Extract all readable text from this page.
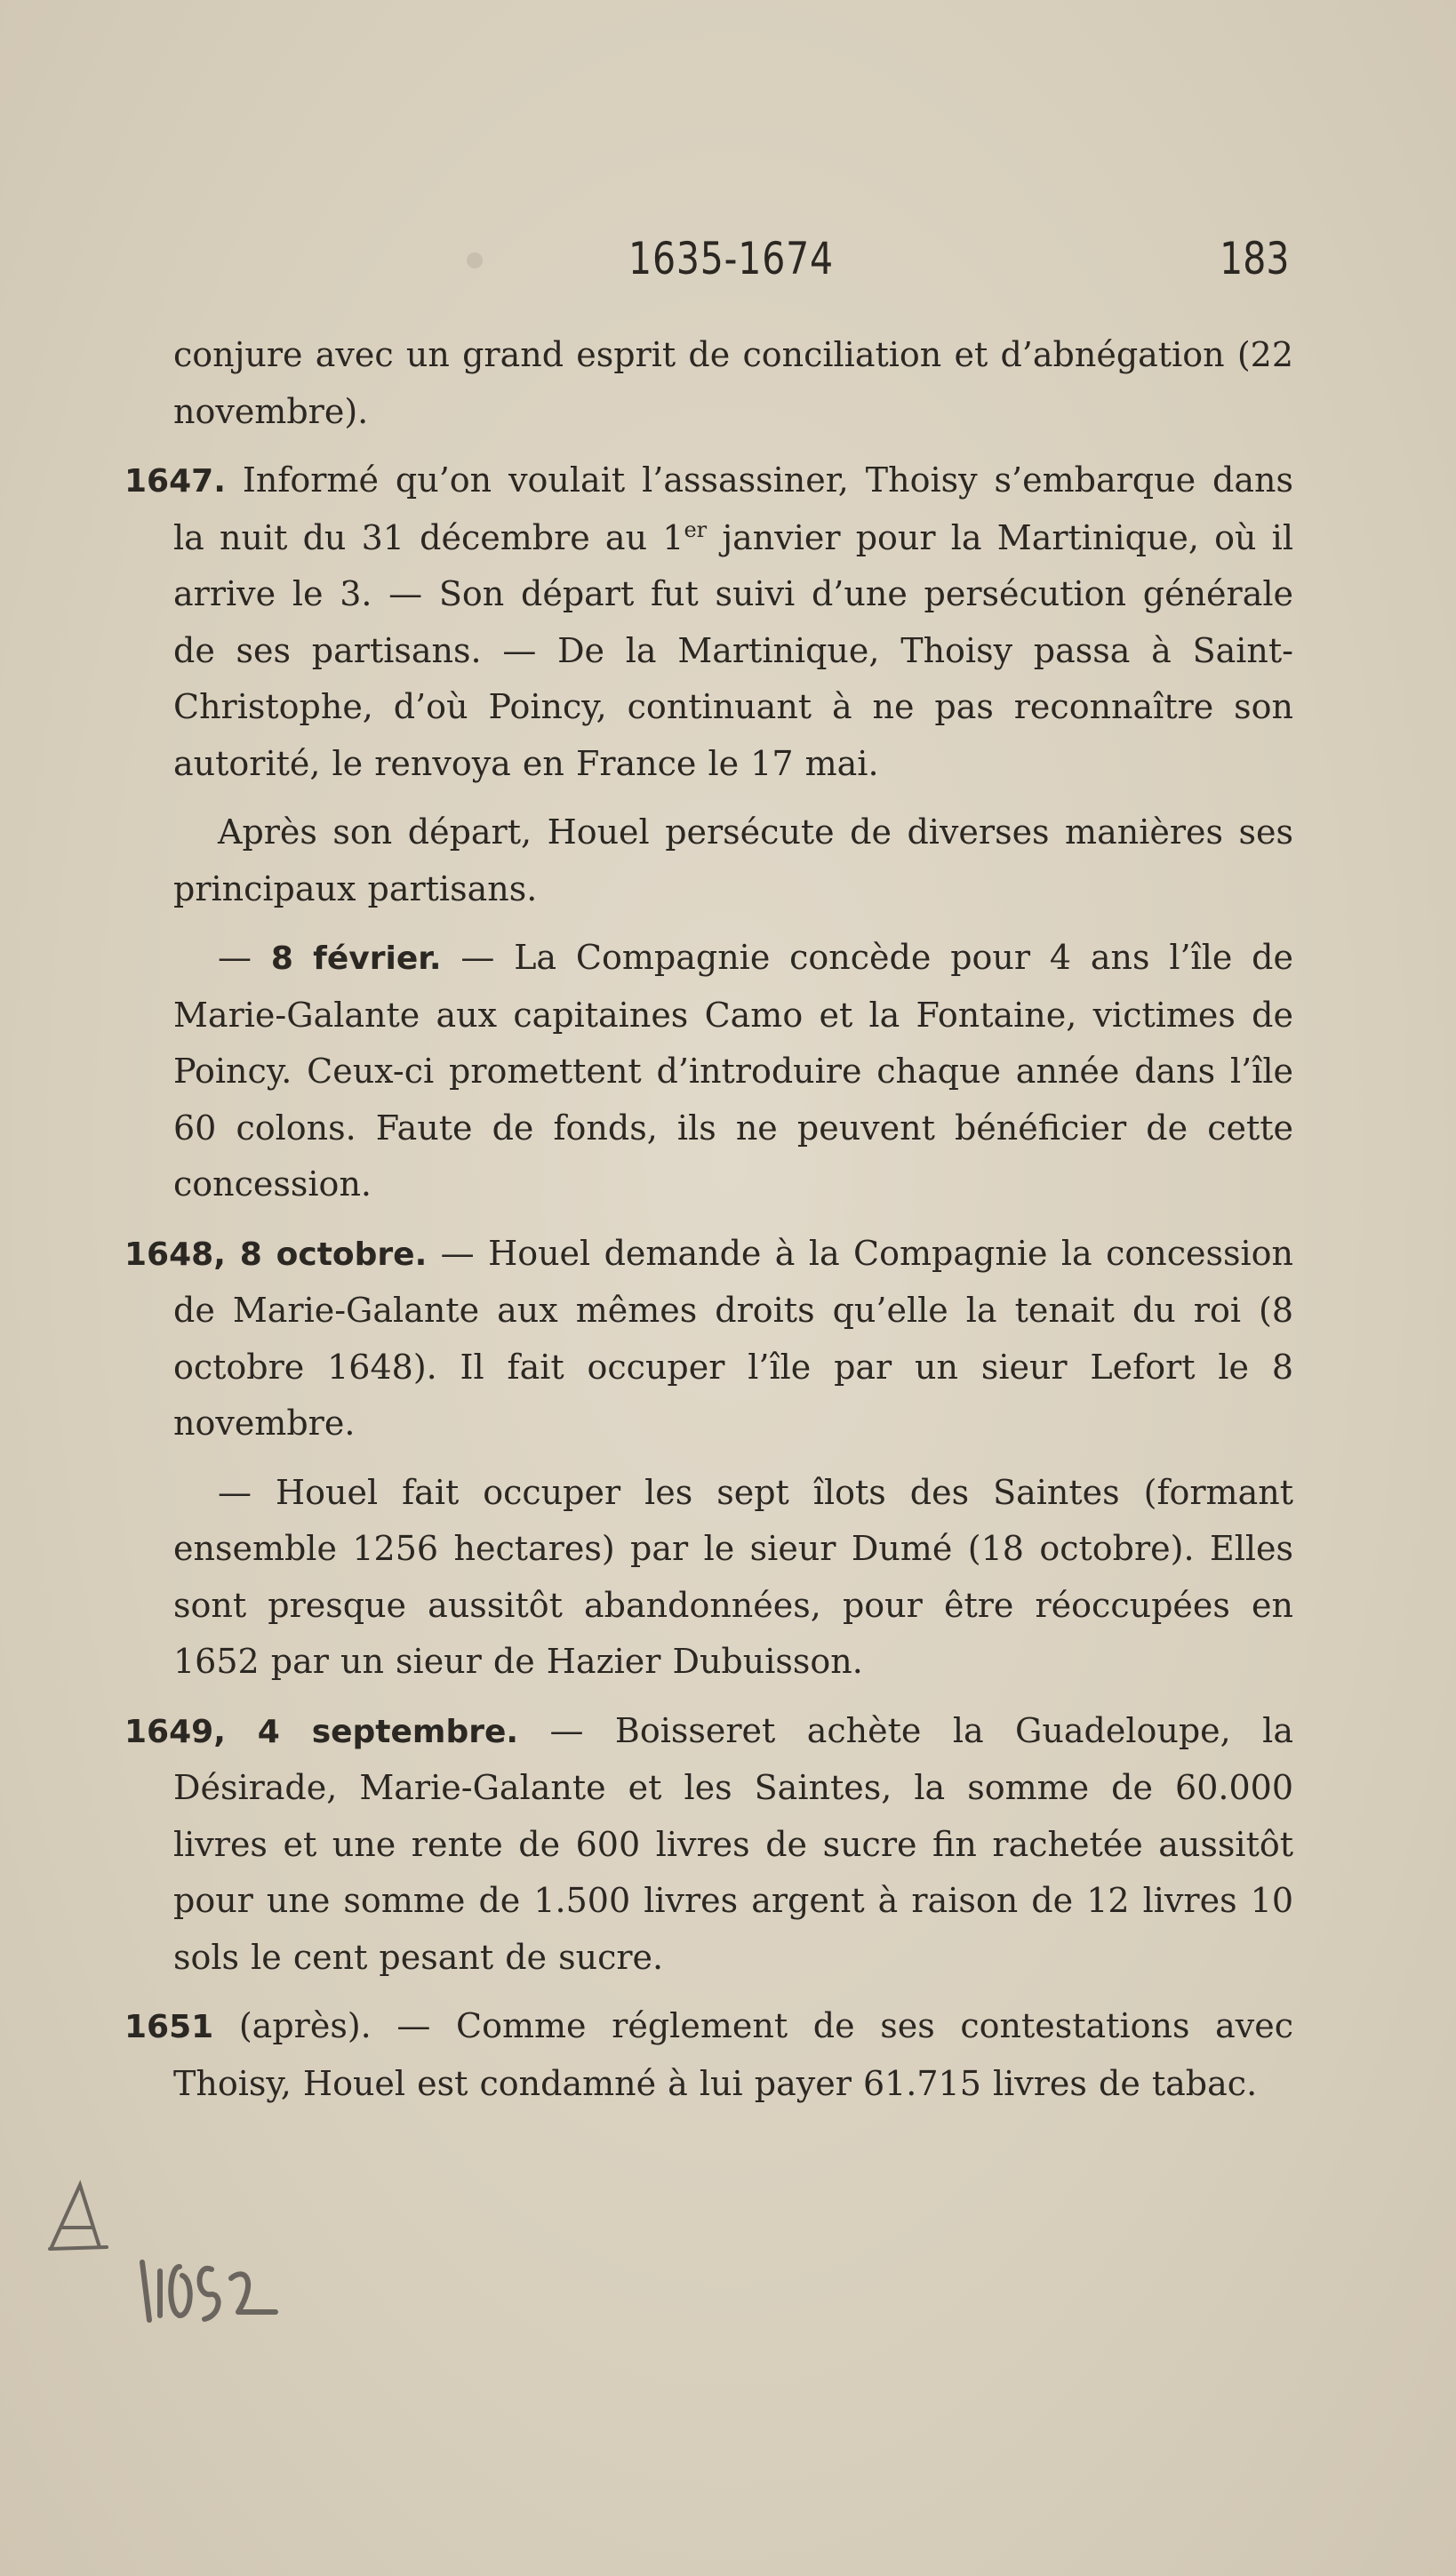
1635-1674	183

conjure avec un grand esprit de conciliation et d’abnégation (22 novembre).

1647. Informé qu’on voulait l’assassiner, Thoisy s’embarque dans la nuit du 31 décembre au 1er janvier pour la Martinique, où il arrive le 3. — Son départ fut suivi d’une persécution générale de ses partisans. — De la Martinique, Thoisy passa à Saint-Christophe, d’où Poincy, continuant à ne pas reconnaître son autorité, le renvoya en France le 17 mai.

Après son départ, Houel persécute de diverses manières ses principaux partisans.

— 8 février. — La Compagnie concède pour 4 ans l’île de Marie-Galante aux capitaines Camo et la Fontaine, victimes de Poincy. Ceux-ci promettent d’introduire chaque année dans l’île 60 colons. Faute de fonds, ils ne peuvent bénéficier de cette concession.

1648, 8 octobre. — Houel demande à la Compagnie la concession de Marie-Galante aux mêmes droits qu’elle la tenait du roi (8 octobre 1648). Il fait occuper l’île par un sieur Lefort le 8 novembre.

— Houel fait occuper les sept îlots des Saintes (formant ensemble 1256 hectares) par le sieur Dumé (18 octobre). Elles sont presque aussitôt abandonnées, pour être réoccupées en 1652 par un sieur de Hazier Dubuisson.

1649, 4 septembre. — Boisseret achète la Guadeloupe, la Désirade, Marie-Galante et les Saintes, la somme de 60.000 livres et une rente de 600 livres de sucre fin rachetée aussitôt pour une somme de 1.500 livres argent à raison de 12 livres 10 sols le cent pesant de sucre.

1651 (après). — Comme réglement de ses contestations avec Thoisy, Houel est condamné à lui payer 61.715 livres de tabac.
